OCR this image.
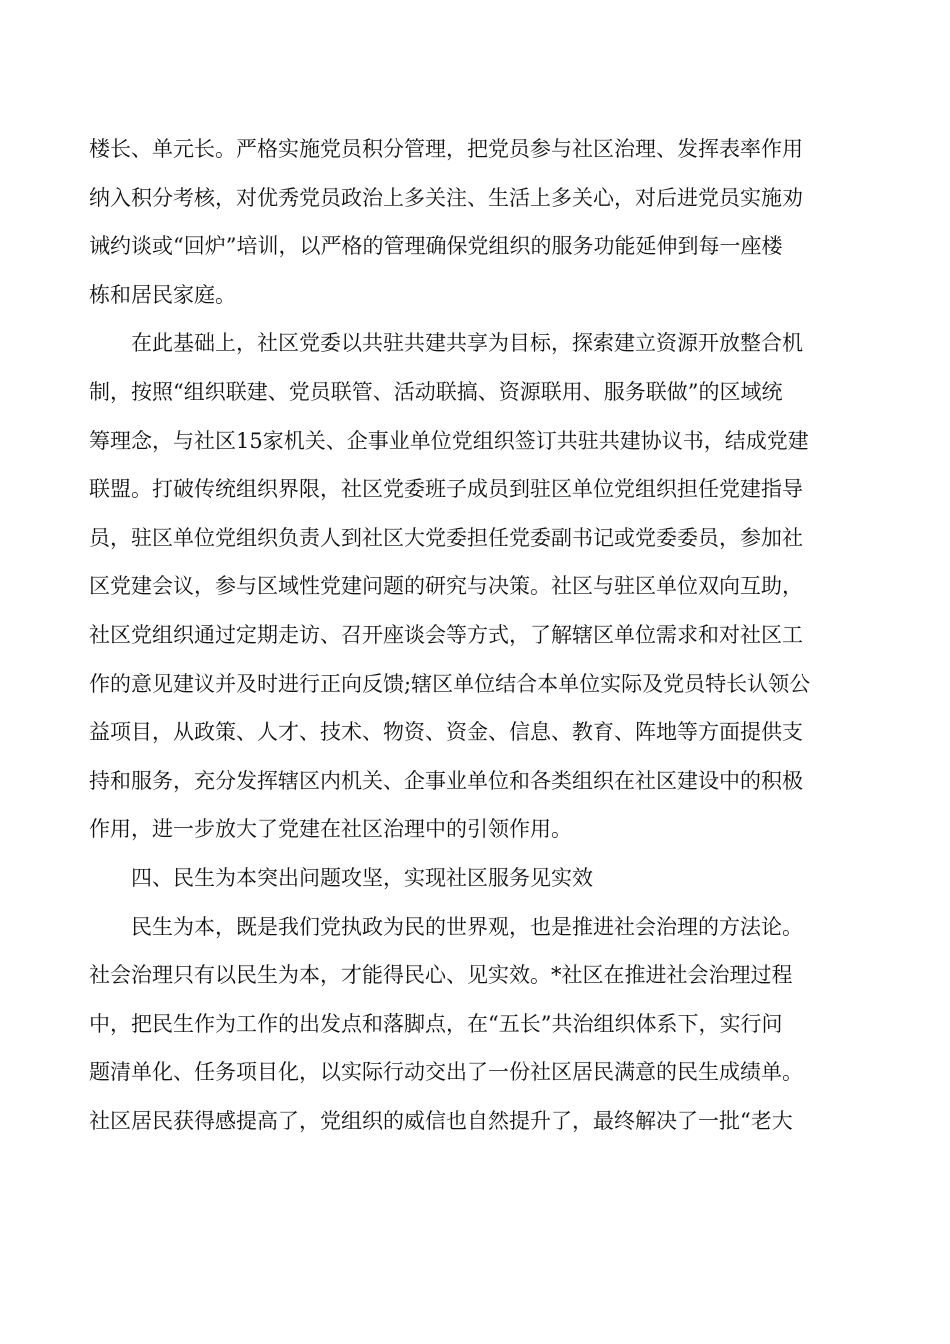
楼长、单元长。严格实施党员积分管理，把党员参与社区治理、发挥表率作用
纳入积分考核，对优秀党员政治上多关注、生活上多关心，对后进党员实施劝
诫约谈或“回炉”培训，以严格的管理确保党组织的服务功能延伸到每一座楼
栋和居民家庭。
　　在此基础上，社区党委以共驻共建共享为目标，探索建立资源开放整合机
制，按照“组织联建、党员联管、活动联搞、资源联用、服务联做”的区域统
筹理念，与社区15家机关、企事业单位党组织签订共驻共建协议书，结成党建
联盟。打破传统组织界限，社区党委班子成员到驻区单位党组织担任党建指导
员，驻区单位党组织负责人到社区大党委担任党委副书记或党委委员，参加社
区党建会议，参与区域性党建问题的研究与决策。社区与驻区单位双向互助，
社区党组织通过定期走访、召开座谈会等方式，了解辖区单位需求和对社区工
作的意见建议并及时进行正向反馈;辖区单位结合本单位实际及党员特长认领公
益项目，从政策、人才、技术、物资、资金、信息、教育、阵地等方面提供支
持和服务，充分发挥辖区内机关、企事业单位和各类组织在社区建设中的积极
作用，进一步放大了党建在社区治理中的引领作用。
　　四、民生为本突出问题攻坚，实现社区服务见实效
　　民生为本，既是我们党执政为民的世界观，也是推进社会治理的方法论。
社会治理只有以民生为本，才能得民心、见实效。*社区在推进社会治理过程
中，把民生作为工作的出发点和落脚点，在“五长”共治组织体系下，实行问
题清单化、任务项目化，以实际行动交出了一份社区居民满意的民生成绩单。
社区居民获得感提高了，党组织的威信也自然提升了，最终解决了一批“老大
